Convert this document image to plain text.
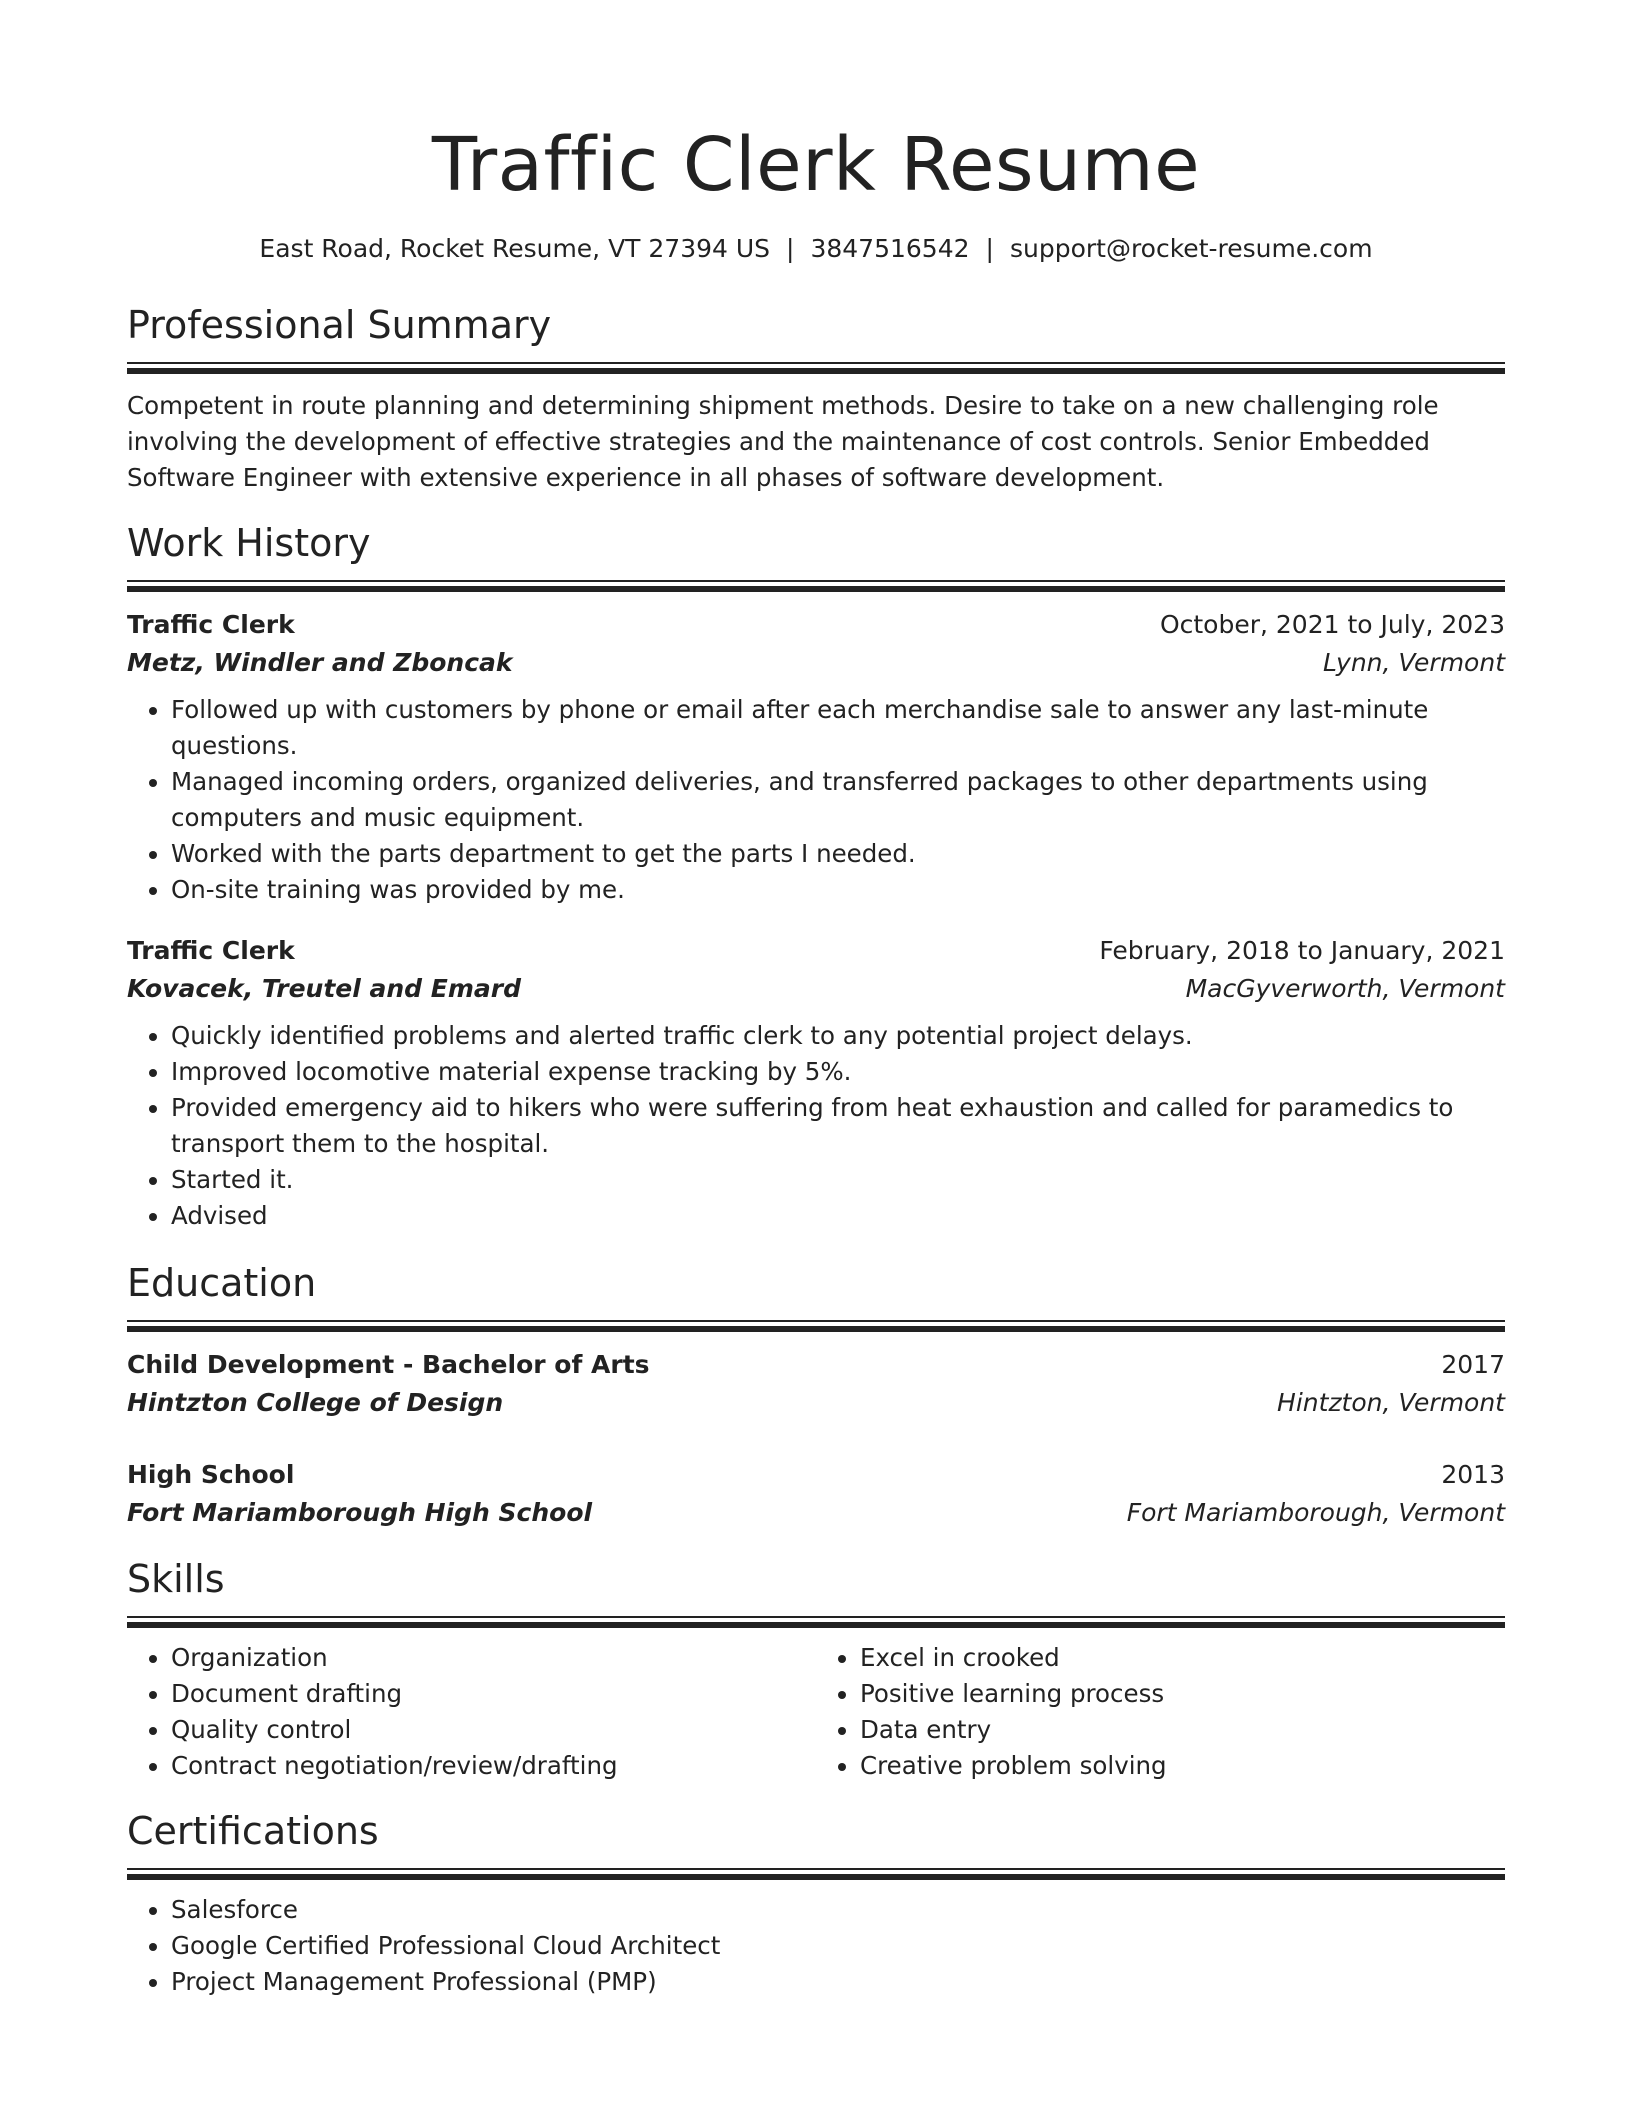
Traffic Clerk Resume
East Road, Rocket Resume, VT 27394 US | 3847516542 | support@rocket-resume.com
Professional Summary
Competent in route planning and determining shipment methods. Desire to take on a new challenging role involving the development of effective strategies and the maintenance of cost controls. Senior Embedded Software Engineer with extensive experience in all phases of software development.
Work History
Traffic Clerk	October, 2021 to July, 2023
Metz, Windler and Zboncak	Lynn, Vermont
• Followed up with customers by phone or email after each merchandise sale to answer any last-minute questions.
• Managed incoming orders, organized deliveries, and transferred packages to other departments using computers and music equipment.
• Worked with the parts department to get the parts I needed.
• On-site training was provided by me.
Traffic Clerk	February, 2018 to January, 2021
Kovacek, Treutel and Emard	MacGyverworth, Vermont
• Quickly identified problems and alerted traffic clerk to any potential project delays.
• Improved locomotive material expense tracking by 5%.
• Provided emergency aid to hikers who were suffering from heat exhaustion and called for paramedics to transport them to the hospital.
• Started it.
• Advised
Education
Child Development - Bachelor of Arts	2017
Hintzton College of Design	Hintzton, Vermont
High School	2013
Fort Mariamborough High School	Fort Mariamborough, Vermont
Skills
• Organization
• Document drafting
• Quality control
• Contract negotiation/review/drafting
• Excel in crooked
• Positive learning process
• Data entry
• Creative problem solving
Certifications
• Salesforce
• Google Certified Professional Cloud Architect
• Project Management Professional (PMP)
